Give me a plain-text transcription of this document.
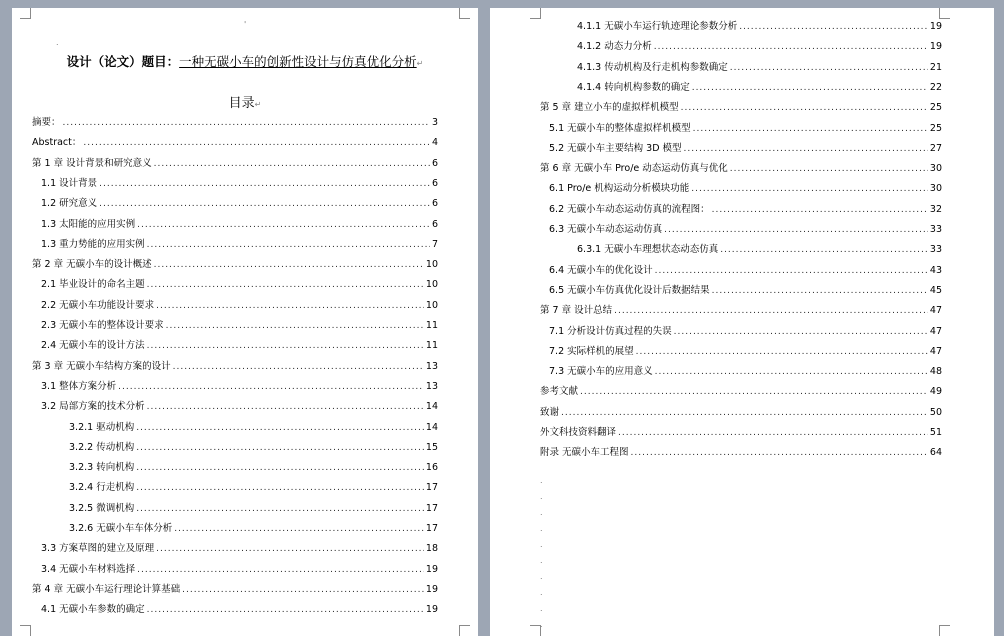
'
.
设计（论文）题目：一种无碳小车的创新性设计与仿真优化分析↵
目录↵
摘要： .....	3
Abstract： .....	4
第 1 章 设计背景和研究意义 .....	6
1.1 设计背景 .....	6
1.2 研究意义 .....	6
1.3 太阳能的应用实例 .....	6
1.3 重力势能的应用实例 .....	7
第 2 章 无碳小车的设计概述 .....	10
2.1 毕业设计的命名主题 .....	10
2.2 无碳小车功能设计要求 .....	10
2.3 无碳小车的整体设计要求 .....	11
2.4 无碳小车的设计方法 .....	11
第 3 章 无碳小车结构方案的设计 .....	13
3.1 整体方案分析 .....	13
3.2 局部方案的技术分析 .....	14
3.2.1 驱动机构 .....	14
3.2.2 传动机构 .....	15
3.2.3 转向机构 .....	16
3.2.4 行走机构 .....	17
3.2.5 微调机构 .....	17
3.2.6 无碳小车车体分析 .....	17
3.3 方案草图的建立及原理 .....	18
3.4 无碳小车材料选择 .....	19
第 4 章 无碳小车运行理论计算基础 .....	19
4.1 无碳小车参数的确定 .....	19
4.1.1 无碳小车运行轨迹理论参数分析 .....	19
4.1.2 动态力分析 .....	19
4.1.3 传动机构及行走机构参数确定 .....	21
4.1.4 转向机构参数的确定 .....	22
第 5 章 建立小车的虚拟样机模型 .....	25
5.1 无碳小车的整体虚拟样机模型 .....	25
5.2 无碳小车主要结构 3D 模型 .....	27
第 6 章 无碳小车 Pro/e 动态运动仿真与优化 .....	30
6.1 Pro/e 机构运动分析模块功能 .....	30
6.2 无碳小车动态运动仿真的流程图： .....	32
6.3 无碳小车动态运动仿真 .....	33
6.3.1 无碳小车理想状态动态仿真 .....	33
6.4 无碳小车的优化设计 .....	43
6.5 无碳小车仿真优化设计后数据结果 .....	45
第 7 章 设计总结 .....	47
7.1 分析设计仿真过程的失误 .....	47
7.2 实际样机的展望 .....	47
7.3 无碳小车的应用意义 .....	48
参考文献 .....	49
致谢 .....	50
外文科技资料翻译 .....	51
附录 无碳小车工程图 .....	64
.
.
.
.
.
.
.
.
.
.
